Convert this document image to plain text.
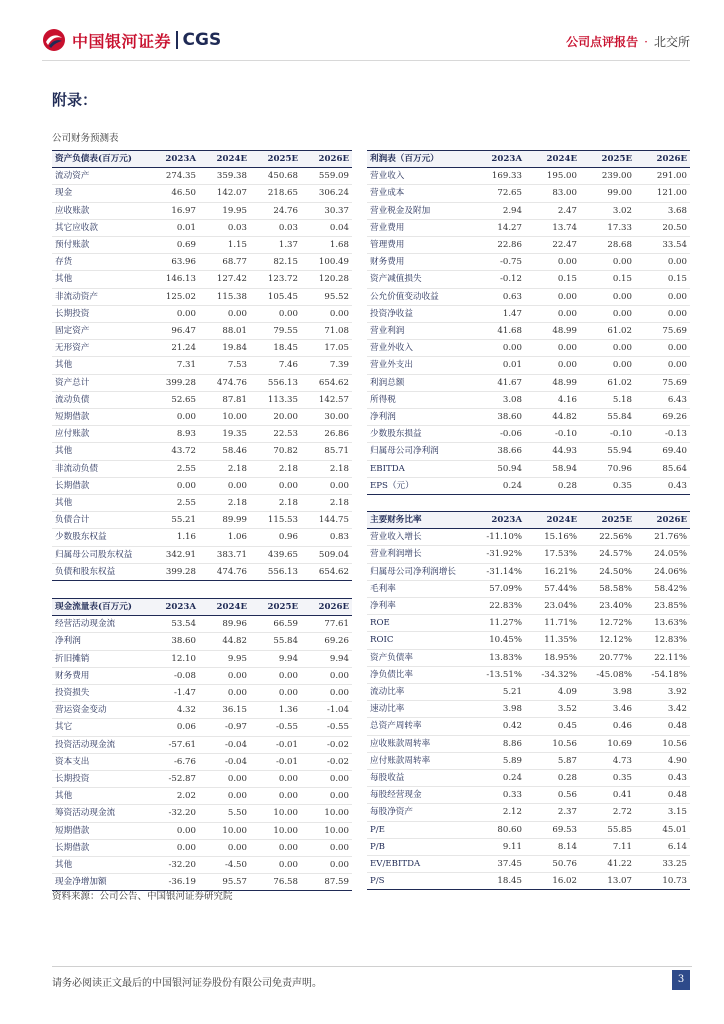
中国银河证券 CGS	公司点评报告 · 北交所
附录：
公司财务预测表
资产负债表(百万元)	2023A	2024E	2025E	2026E
流动资产	274.35	359.38	450.68	559.09
现金	46.50	142.07	218.65	306.24
应收账款	16.97	19.95	24.76	30.37
其它应收款	0.01	0.03	0.03	0.04
预付账款	0.69	1.15	1.37	1.68
存货	63.96	68.77	82.15	100.49
其他	146.13	127.42	123.72	120.28
非流动资产	125.02	115.38	105.45	95.52
长期投资	0.00	0.00	0.00	0.00
固定资产	96.47	88.01	79.55	71.08
无形资产	21.24	19.84	18.45	17.05
其他	7.31	7.53	7.46	7.39
资产总计	399.28	474.76	556.13	654.62
流动负债	52.65	87.81	113.35	142.57
短期借款	0.00	10.00	20.00	30.00
应付账款	8.93	19.35	22.53	26.86
其他	43.72	58.46	70.82	85.71
非流动负债	2.55	2.18	2.18	2.18
长期借款	0.00	0.00	0.00	0.00
其他	2.55	2.18	2.18	2.18
负债合计	55.21	89.99	115.53	144.75
少数股东权益	1.16	1.06	0.96	0.83
归属母公司股东权益	342.91	383.71	439.65	509.04
负债和股东权益	399.28	474.76	556.13	654.62
利润表（百万元）	2023A	2024E	2025E	2026E
营业收入	169.33	195.00	239.00	291.00
营业成本	72.65	83.00	99.00	121.00
营业税金及附加	2.94	2.47	3.02	3.68
营业费用	14.27	13.74	17.33	20.50
管理费用	22.86	22.47	28.68	33.54
财务费用	-0.75	0.00	0.00	0.00
资产减值损失	-0.12	0.15	0.15	0.15
公允价值变动收益	0.63	0.00	0.00	0.00
投资净收益	1.47	0.00	0.00	0.00
营业利润	41.68	48.99	61.02	75.69
营业外收入	0.00	0.00	0.00	0.00
营业外支出	0.01	0.00	0.00	0.00
利润总额	41.67	48.99	61.02	75.69
所得税	3.08	4.16	5.18	6.43
净利润	38.60	44.82	55.84	69.26
少数股东损益	-0.06	-0.10	-0.10	-0.13
归属母公司净利润	38.66	44.93	55.94	69.40
EBITDA	50.94	58.94	70.96	85.64
EPS（元）	0.24	0.28	0.35	0.43
主要财务比率	2023A	2024E	2025E	2026E
营业收入增长	-11.10%	15.16%	22.56%	21.76%
营业利润增长	-31.92%	17.53%	24.57%	24.05%
归属母公司净利润增长	-31.14%	16.21%	24.50%	24.06%
毛利率	57.09%	57.44%	58.58%	58.42%
净利率	22.83%	23.04%	23.40%	23.85%
ROE	11.27%	11.71%	12.72%	13.63%
ROIC	10.45%	11.35%	12.12%	12.83%
资产负债率	13.83%	18.95%	20.77%	22.11%
净负债比率	-13.51%	-34.32%	-45.08%	-54.18%
流动比率	5.21	4.09	3.98	3.92
速动比率	3.98	3.52	3.46	3.42
总资产周转率	0.42	0.45	0.46	0.48
应收账款周转率	8.86	10.56	10.69	10.56
应付账款周转率	5.89	5.87	4.73	4.90
每股收益	0.24	0.28	0.35	0.43
每股经营现金	0.33	0.56	0.41	0.48
每股净资产	2.12	2.37	2.72	3.15
P/E	80.60	69.53	55.85	45.01
P/B	9.11	8.14	7.11	6.14
EV/EBITDA	37.45	50.76	41.22	33.25
P/S	18.45	16.02	13.07	10.73
现金流量表(百万元)	2023A	2024E	2025E	2026E
经营活动现金流	53.54	89.96	66.59	77.61
净利润	38.60	44.82	55.84	69.26
折旧摊销	12.10	9.95	9.94	9.94
财务费用	-0.08	0.00	0.00	0.00
投资损失	-1.47	0.00	0.00	0.00
营运资金变动	4.32	36.15	1.36	-1.04
其它	0.06	-0.97	-0.55	-0.55
投资活动现金流	-57.61	-0.04	-0.01	-0.02
资本支出	-6.76	-0.04	-0.01	-0.02
长期投资	-52.87	0.00	0.00	0.00
其他	2.02	0.00	0.00	0.00
筹资活动现金流	-32.20	5.50	10.00	10.00
短期借款	0.00	10.00	10.00	10.00
长期借款	0.00	0.00	0.00	0.00
其他	-32.20	-4.50	0.00	0.00
现金净增加额	-36.19	95.57	76.58	87.59
资料来源：公司公告、中国银河证券研究院
请务必阅读正文最后的中国银河证券股份有限公司免责声明。	3
